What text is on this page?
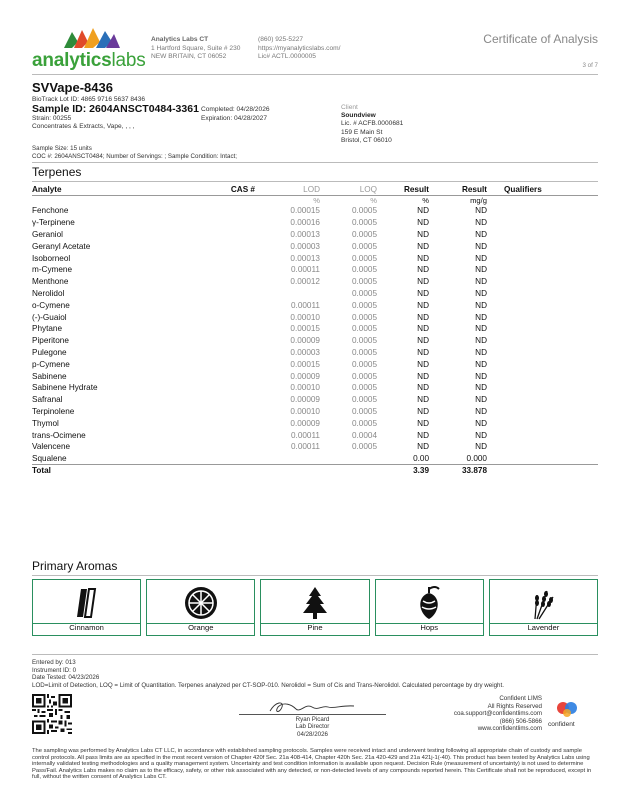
analyticslabs
Analytics Labs CT
1 Hartford Square, Suite # 230
NEW BRITAIN, CT 06052
(860) 925-5227
https://myanalyticslabs.com/
Lic# ACTL.0000005
Certificate of Analysis
3 of 7
SVVape-8436
BioTrack Lot ID: 4865 9716 5637 8436
Sample ID: 2604ANSCT0484-3361
Strain: 00255
Concentrates & Extracts, Vape, , , ,
Completed: 04/28/2026
Expiration: 04/28/2027
Client
Soundview
Lic. # ACFB.0000681
159 E Main St
Bristol, CT 06010
Sample Size: 15 units
COC #: 2604ANSCT0484; Number of Servings: ; Sample Condition: Intact;
Terpenes
Analyte	CAS #	LOD	LOQ	Result	Result	Qualifiers
		%	%	%	mg/g	
Fenchone		0.00015	0.0005	ND	ND	
γ-Terpinene		0.00016	0.0005	ND	ND	
Geraniol		0.00013	0.0005	ND	ND	
Geranyl Acetate		0.00003	0.0005	ND	ND	
Isoborneol		0.00013	0.0005	ND	ND	
m-Cymene		0.00011	0.0005	ND	ND	
Menthone		0.00012	0.0005	ND	ND	
Nerolidol			0.0005	ND	ND	
o-Cymene		0.00011	0.0005	ND	ND	
(-)-Guaiol		0.00010	0.0005	ND	ND	
Phytane		0.00015	0.0005	ND	ND	
Piperitone		0.00009	0.0005	ND	ND	
Pulegone		0.00003	0.0005	ND	ND	
p-Cymene		0.00015	0.0005	ND	ND	
Sabinene		0.00009	0.0005	ND	ND	
Sabinene Hydrate		0.00010	0.0005	ND	ND	
Safranal		0.00009	0.0005	ND	ND	
Terpinolene		0.00010	0.0005	ND	ND	
Thymol		0.00009	0.0005	ND	ND	
trans-Ocimene		0.00011	0.0004	ND	ND	
Valencene		0.00011	0.0005	ND	ND	
Squalene				0.00	0.000	
Total				3.39	33.878	
Primary Aromas
Cinnamon	Orange	Pine	Hops	Lavender
Entered by: 013
Instrument ID: 0
Date Tested: 04/23/2026
LOD=Limit of Detection, LOQ = Limit of Quantitation. Terpenes analyzed per CT-SOP-010. Nerolidol = Sum of Cis and Trans-Nerolidol. Calculated percentage by dry weight.
Ryan Picard
Lab Director
04/28/2026
Confident LIMS
All Rights Reserved
coa.support@confidentlims.com
(866) 506-5866
www.confidentlims.com
confident
The sampling was performed by Analytics Labs CT LLC, in accordance with established sampling protocols. Samples were received intact and underwent testing following all appropriate chain of custody and sample control protocols. All pass limits are as specified in the most recent version of Chapter 420f Sec. 21a 408-414, Chapter 420h Sec. 21a 420-429 and 21a 421j-1(-40). This product has been tested by Analytics Labs using internally validated testing methodologies and a quality management system. Uncertainty and test condition information is available upon request. Decision Rule (measurement of uncertainty) is not used to determine Pass/Fail. Analytics Labs makes no claim as to the efficacy, safety, or other risk associated with any detected, or non-detected levels of any compounds reported herein. This Certificate shall not be reproduced, except in full, without the written consent of Analytics Labs CT.
